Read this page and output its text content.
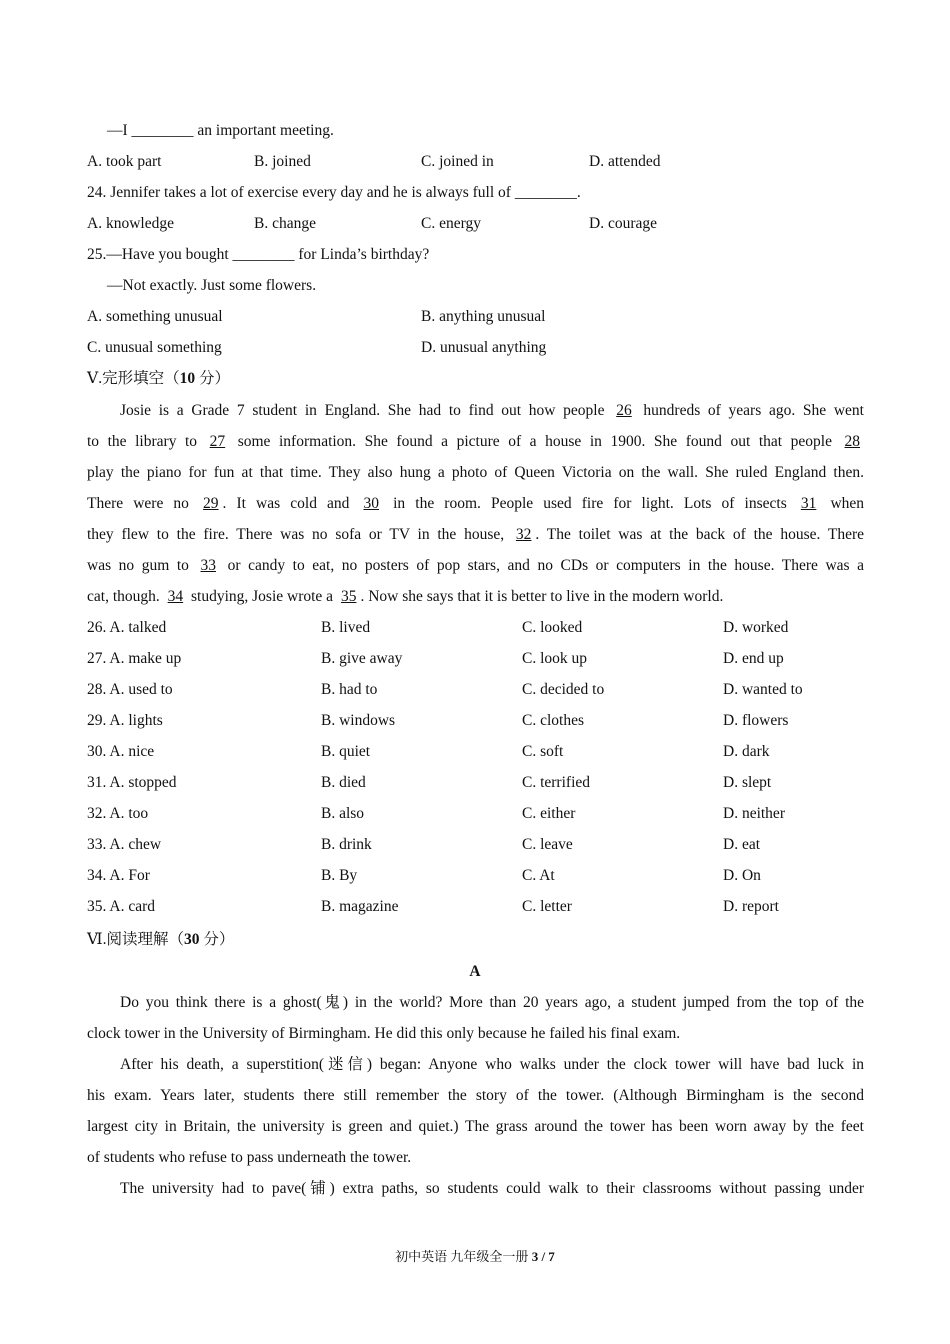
—I ________ an important meeting.
A. took part	B. joined	C. joined in	D. attended
24. Jennifer takes a lot of exercise every day and he is always full of ________.
A. knowledge	B. change	C. energy	D. courage
25.—Have you bought ________ for Linda’s birthday?
—Not exactly. Just some flowers.
A. something unusual	B. anything unusual
C. unusual something	D. unusual anything
Ⅴ.完形填空（10 分）
Josie is a Grade 7 student in England. She had to find out how people 26 hundreds of years ago. She went
to the library to 27 some information. She found a picture of a house in 1900. She found out that people 28
play the piano for fun at that time. They also hung a photo of Queen Victoria on the wall. She ruled England then.
There were no 29 . It was cold and 30 in the room. People used fire for light. Lots of insects 31 when
they flew to the fire. There was no sofa or TV in the house, 32 . The toilet was at the back of the house. There
was no gum to 33 or candy to eat, no posters of pop stars, and no CDs or computers in the house. There was a
cat, though. 34 studying, Josie wrote a 35 . Now she says that it is better to live in the modern world.
26. A. talked	B. lived	C. looked	D. worked
27. A. make up	B. give away	C. look up	D. end up
28. A. used to	B. had to	C. decided to	D. wanted to
29. A. lights	B. windows	C. clothes	D. flowers
30. A. nice	B. quiet	C. soft	D. dark
31. A. stopped	B. died	C. terrified	D. slept
32. A. too	B. also	C. either	D. neither
33. A. chew	B. drink	C. leave	D. eat
34. A. For	B. By	C. At	D. On
35. A. card	B. magazine	C. letter	D. report
Ⅵ.阅读理解（30 分）
A
Do you think there is a ghost(鬼) in the world? More than 20 years ago, a student jumped from the top of the
clock tower in the University of Birmingham. He did this only because he failed his final exam.
After his death, a superstition(迷信) began: Anyone who walks under the clock tower will have bad luck in
his exam. Years later, students there still remember the story of the tower. (Although Birmingham is the second
largest city in Britain, the university is green and quiet.) The grass around the tower has been worn away by the feet
of students who refuse to pass underneath the tower.
The university had to pave(铺) extra paths, so students could walk to their classrooms without passing under
初中英语 九年级全一册 3 / 7
